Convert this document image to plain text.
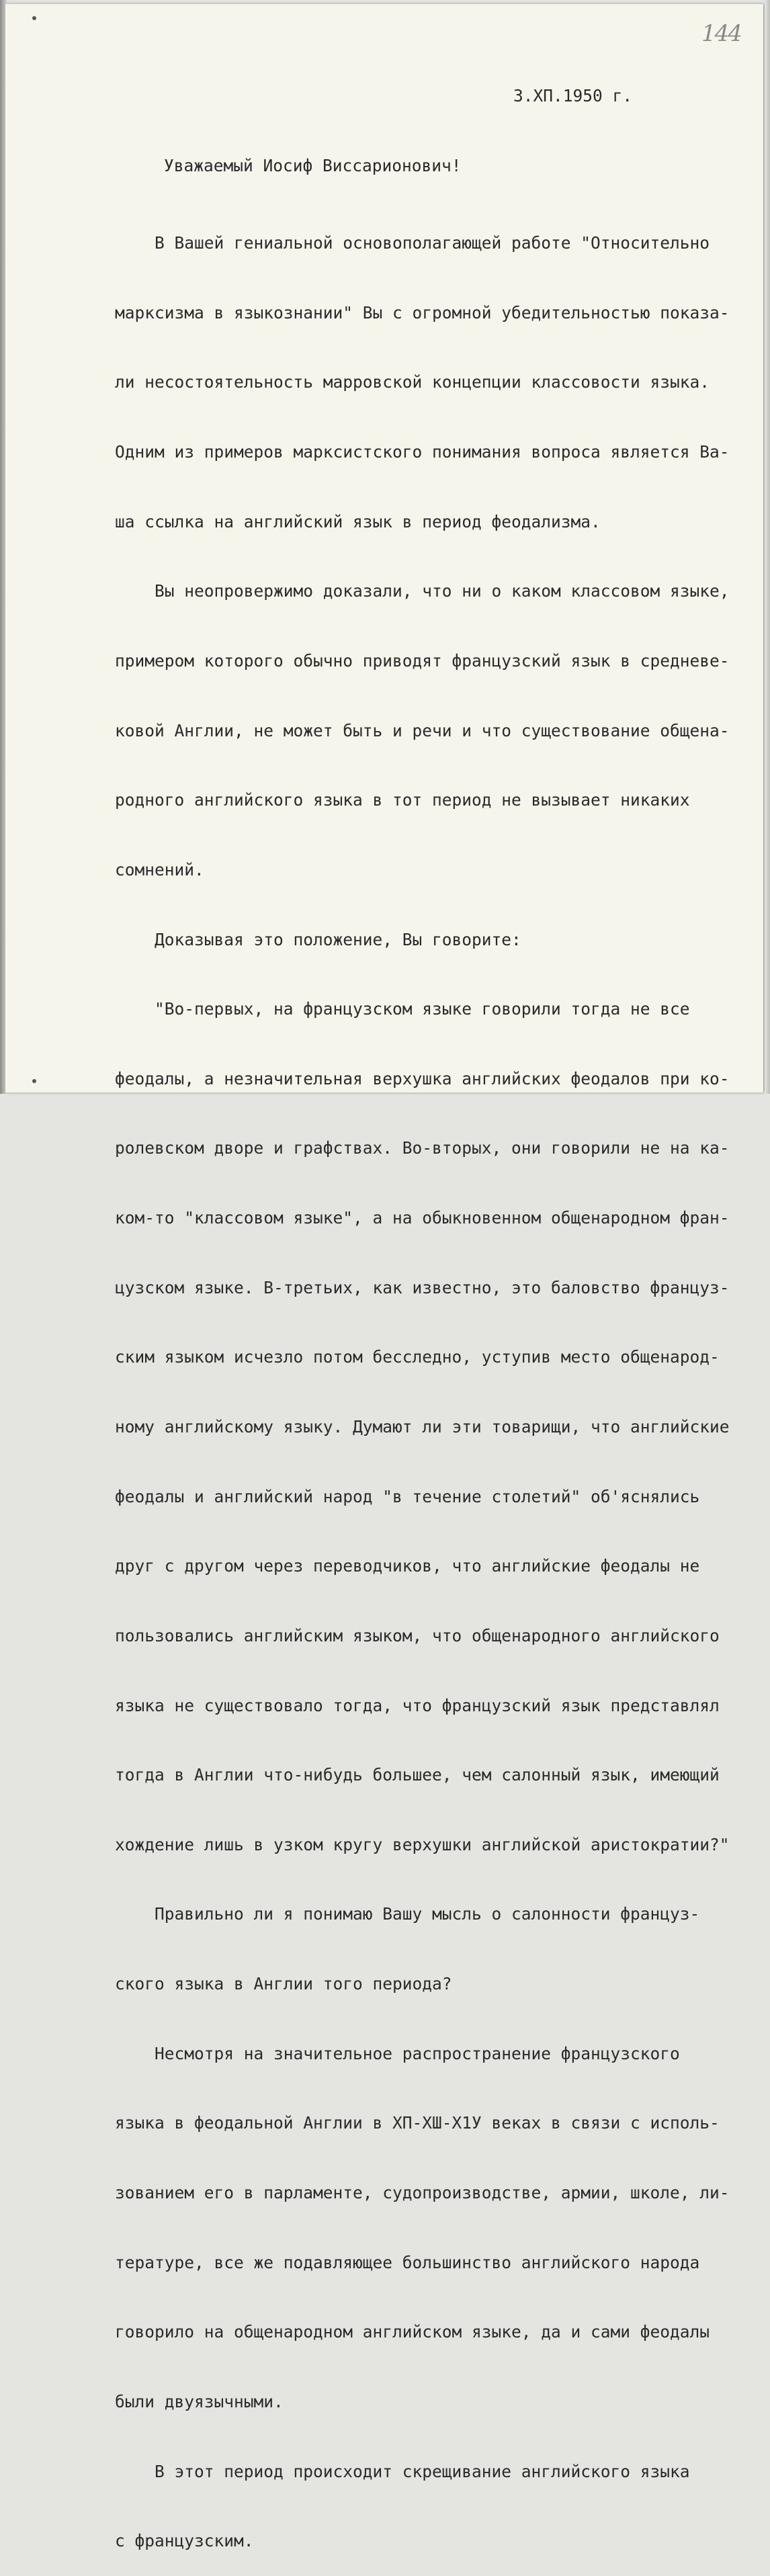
144
3.ХП.1950 г.
Уважаемый Иосиф Виссарионович!

В Вашей гениальной основополагающей работе "Относительно

марксизма в языкознании" Вы с огромной убедительностью показа-

ли несостоятельность марровской концепции классовости языка.

Одним из примеров марксистского понимания вопроса является Ва-

ша ссылка на английский язык в период феодализма.

Вы неопровержимо доказали, что ни о каком классовом языке,

примером которого обычно приводят французский язык в средневе-

ковой Англии, не может быть и речи и что существование общена-

родного английского языка в тот период не вызывает никаких

сомнений.

Доказывая это положение, Вы говорите:

"Во-первых, на французском языке говорили тогда не все

феодалы, а незначительная верхушка английских феодалов при ко-

ролевском дворе и графствах. Во-вторых, они говорили не на ка-

ком-то "классовом языке", а на обыкновенном общенародном фран-

цузском языке. В-третьих, как известно, это баловство француз-

ским языком исчезло потом бесследно, уступив место общенарод-

ному английскому языку. Думают ли эти товарищи, что английские

феодалы и английский народ "в течение столетий" об'яснялись

друг с другом через переводчиков, что английские феодалы не

пользовались английским языком, что общенародного английского

языка не существовало тогда, что французский язык представлял

тогда в Англии что-нибудь большее, чем салонный язык, имеющий

хождение лишь в узком кругу верхушки английской аристократии?"

Правильно ли я понимаю Вашу мысль о салонности француз-

ского языка в Англии того периода?

Несмотря на значительное распространение французского

языка в феодальной Англии в ХП-ХШ-Х1У веках в связи с исполь-

зованием его в парламенте, судопроизводстве, армии, школе, ли-

тературе, все же подавляющее большинство английского народа

говорило на общенародном английском языке, да и сами феодалы

были двуязычными.

В этот период происходит скрещивание английского языка

с французским.
